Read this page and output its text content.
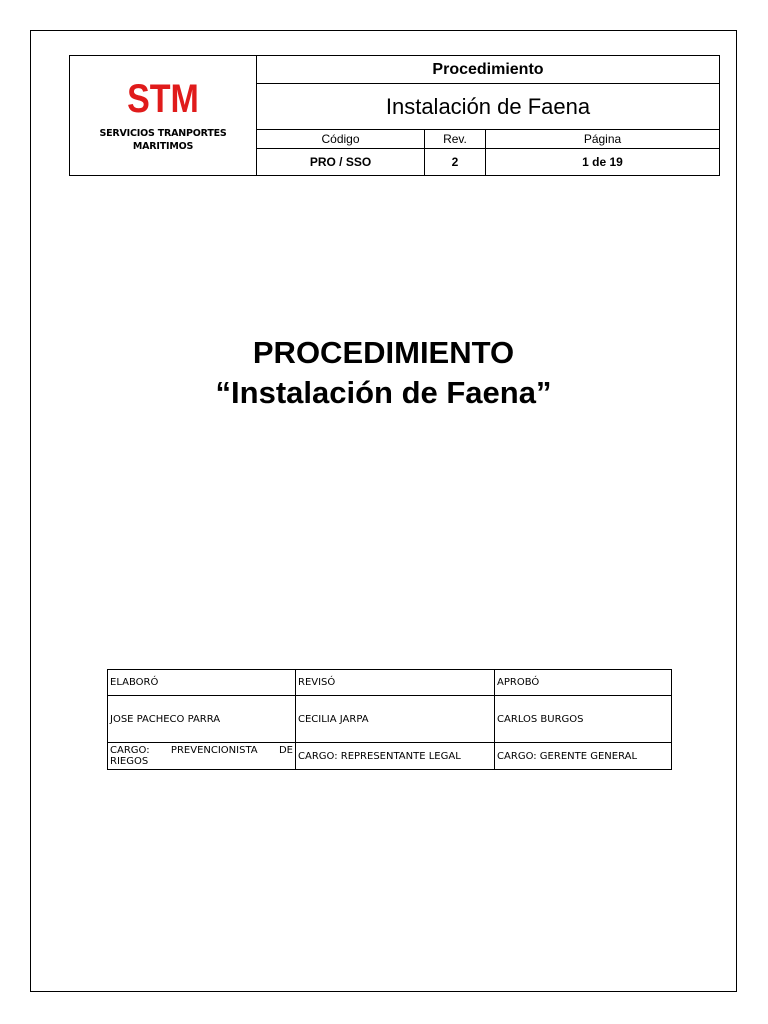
STM
SERVICIOS TRANPORTES MARITIMOS	Procedimiento		
	Instalación de Faena		
	Código	Rev.	Página
	PRO / SSO	2	1 de 19
PROCEDIMIENTO
“Instalación de Faena”
ELABORÓ	REVISÓ	APROBÓ
JOSE PACHECO PARRA	CECILIA JARPA	CARLOS BURGOS

CARGO: PREVENCIONISTA DE RIEGOS	CARGO: REPRESENTANTE LEGAL	CARGO: GERENTE GENERAL
